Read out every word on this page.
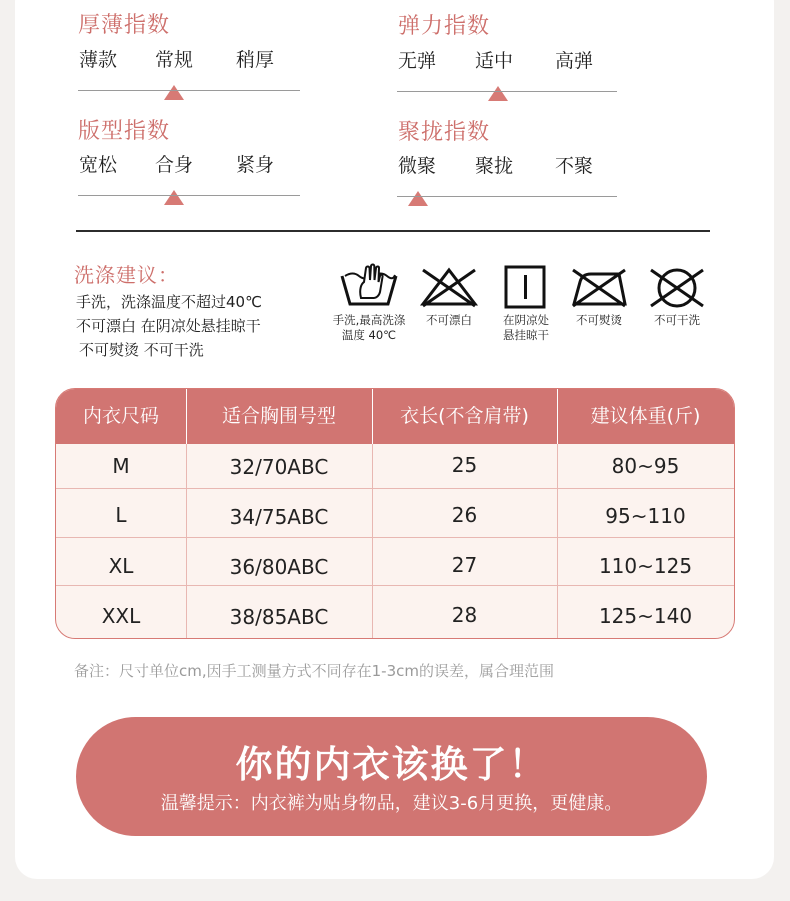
厚薄指数
薄款 常规 稍厚
弹力指数
无弹 适中 高弹
版型指数
宽松 合身 紧身
聚拢指数
微聚 聚拢 不聚
洗涤建议：
手洗，洗涤温度不超过40℃
不可漂白 在阴凉处悬挂晾干
不可熨烫 不可干洗
手洗,最高洗涤
温度 40℃
不可漂白	在阴凉处
悬挂晾干
不可熨烫	不可干洗
内衣尺码	适合胸围号型	衣长(不含肩带)	建议体重(斤)
M	32/70ABC	25	80~95
L	34/75ABC	26	95~110
XL	36/80ABC	27	110~125
XXL	38/85ABC	28	125~140
备注：尺寸单位cm,因手工测量方式不同存在1-3cm的误差，属合理范围
你的内衣该换了！
温馨提示：内衣裤为贴身物品，建议3-6月更换，更健康。
